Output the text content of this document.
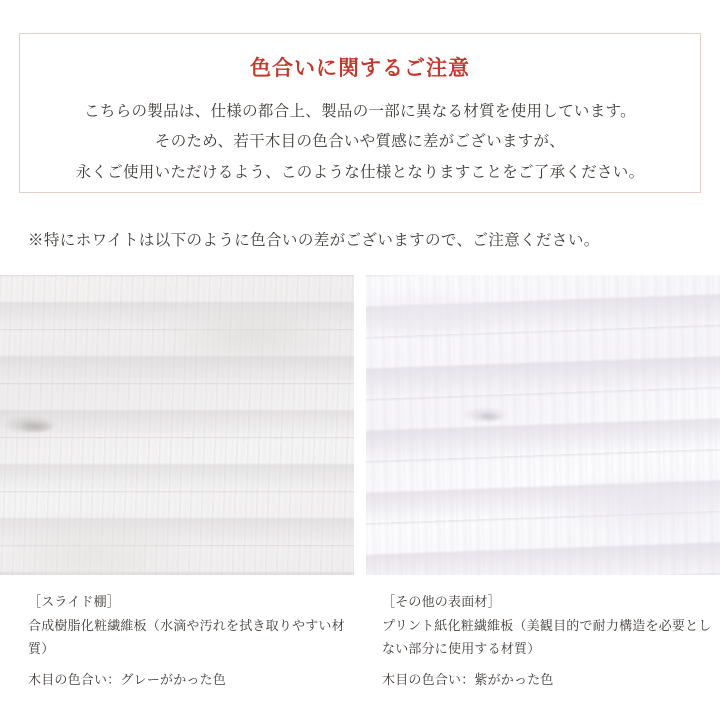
色合いに関するご注意
こちらの製品は、仕様の都合上、製品の一部に異なる材質を使用しています。
そのため、若干木目の色合いや質感に差がございますが、
永くご使用いただけるよう、このような仕様となりますことをご了承ください。
※特にホワイトは以下のように色合いの差がございますので、ご注意ください。
［スライド棚］
合成樹脂化粧繊維板（水滴や汚れを拭き取りやすい材質）
木目の色合い：グレーがかった色
［その他の表面材］
プリント紙化粧繊維板（美観目的で耐力構造を必要としない部分に使用する材質）
木目の色合い：紫がかった色
